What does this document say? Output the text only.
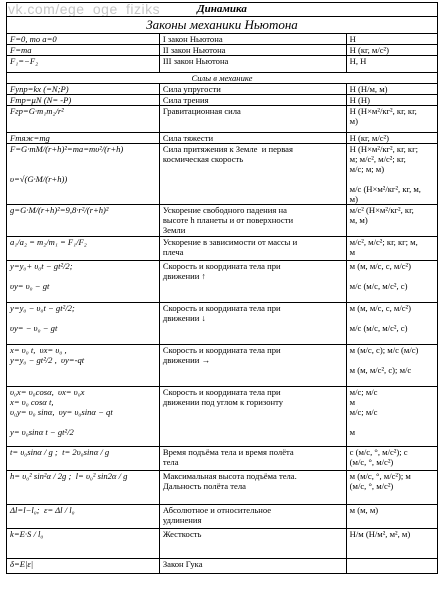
vk.com/ege_oge_fiziks	Динамика		
Законы механики Ньютона		

F=0, то a=0	I закон Ньютона	Н

F=ma	II закон Ньютона	Н (кг, м/с²)

F₁=−F₂	III закон Ньютона	Н, Н

Силы в механике		

Fупр=kx (=N;P)	Сила упругости	Н (Н/м, м)

Fтр=μN (N= -P)	Сила трения	Н (Н)

Fгр=G·m₁m₂/r²	Гравитационная сила	Н (Н×м²/кг², кг, кг,
м)

Fтяж=mg	Сила тяжести	Н (кг, м/с²)

F=G·mM/(r+h)²=ma=mυ²/(r+h)

υ=√(G·M/(r+h))	Сила притяжения к Земле  и первая
космическая скорость	Н (Н×м²/кг², кг, кг;
м; м/с², м/с²; кг,
м/с; м; м)

м/с (Н×м²/кг², кг, м,
м)

g=G·M/(r+h)²=9,8·r²/(r+h)²	Ускорение свободного падения на
высоте h планеты и от поверхности
Земли	м/с² (Н×м²/кг², кг,
м, м)

a₁/a₂ = m₂/m₁ = F₁/F₂	Ускорение в зависимости от массы и
плеча	м/с², м/с²; кг, кг; м,
м

y=y₀+ υ₀t − gt²/2;

υy= υ₀ − gt	Скорость и координата тела при
движении ↑	м (м, м/с, с, м/с²)

м/с (м/с, м/с², с)

y=y₀ − υ₀t − gt²/2;

υy= − υ₀ − gt	Скорость и координата тела при
движении ↓	м (м, м/с, с, м/с²)

м/с (м/с, м/с², с)

x= υ₀ t,  υx= υ₀ ,
y=y₀ − gt²/2 ,  υy=-qt	Скорость и координата тела при
движении →	м (м/с, с); м/с (м/с)

м (м, м/с², с); м/с

υ₀x= υ₀cosα,  υx= υ₀x
x= υ₀ cosα t,
υ₀y= υ₀ sinα,  υy= υ₀sinα − qt

y= υ₀sinα t − gt²/2	Скорость и координата тела при
движении под углом к горизонту	м/с; м/с
м
м/с; м/с

м

t= υ₀sinα / g ;  t= 2υ₀sinα / g	Время подъёма тела и время полёта
тела	с (м/с, °, м/с²); с
(м/с, °, м/с²)

h= υ₀² sin²α / 2g ;  l= υ₀² sin2α / g	Максимальная высота подъёма тела.
Дальность полёта тела	м (м/с, °, м/с²); м
(м/с, °, м/с²)

Δl=l−l₀;  ε= Δl / l₀	Абсолютное и относительное
удлинения	м (м, м)

k=E·S / l₀	Жесткость	Н/м (Н/м², м², м)

δ=E|ε|	Закон Гука	
